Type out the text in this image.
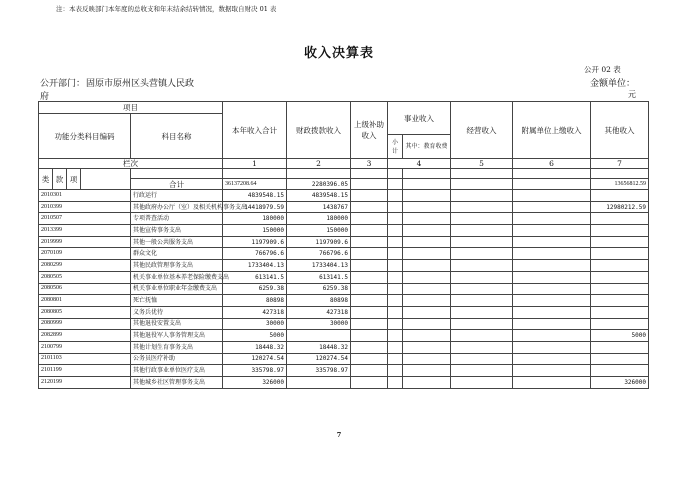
注：本表反映部门本年度的总收支和年末结余结转情况，数据取自财决 01 表
收入决算表
公开 02 表
公开部门： 固原市原州区头营镇人民政
府
金额单位：
元
项目					本年收入合计	财政拨款收入	上级补助收入	事业收入		经营收入	附属单位上缴收入	其他收入
功能分类科目编码				科目名称								
								小计	其中：教育收费			

栏次					1	2	3	4		5	6	7
类	款	项										
				合计	36137208.64	2280396.05						13656812.59
2010301				行政运行	4839548.15	4839548.15						
2010399				其他政府办公厅（室）及相关机构事务支出	14418979.59	1438767						12980212.59
2010507				专项普查活动	180000	180000						
2013399				其他宣传事务支出	150000	150000						
2019999				其他一般公共服务支出	1197909.6	1197909.6						
2070109				群众文化	766796.6	766796.6						
2080299				其他民政管理事务支出	1733404.13	1733404.13						
2080505				机关事业单位基本养老保险缴费支出	613141.5	613141.5						
2080506				机关事业单位职业年金缴费支出	6259.38	6259.38						
2080801				死亡抚恤	80898	80898						
2080805				义务兵优待	427318	427318						
2080999				其他退役安置支出	30000	30000						
2082899				其他退役军人事务管理支出	5000							5000
2100799				其他计划生育事务支出	18448.32	18448.32						
2101103				公务员医疗补助	120274.54	120274.54						
2101199				其他行政事业单位医疗支出	335798.97	335798.97						
2120199				其他城乡社区管理事务支出	326000							326000
7
